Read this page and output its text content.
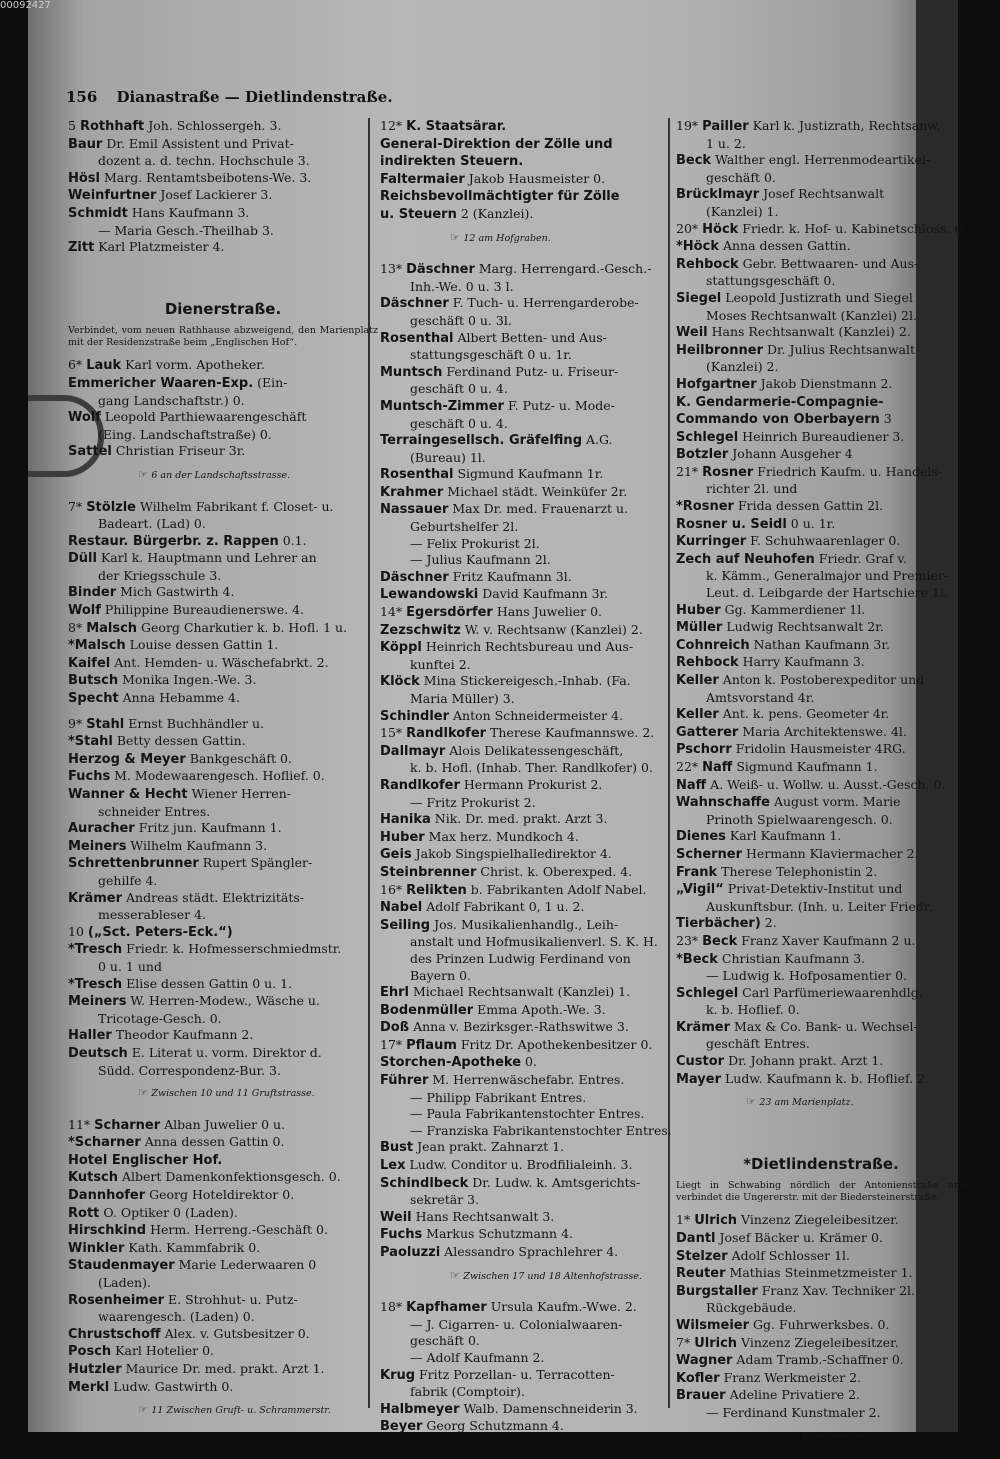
156 Dianastraße — Dietlindenstraße.
5 Rothhaft Joh. Schlossergeh. 3.
Baur Dr. Emil Assistent und Privat-
dozent a. d. techn. Hochschule 3.
Hösl Marg. Rentamtsbeibotens-We. 3.
Weinfurtner Josef Lackierer 3.
Schmidt Hans Kaufmann 3.
— Maria Gesch.-Theilhab 3.
Zitt Karl Platzmeister 4.
Dienerstraße.
Verbindet, vom neuen Rathhause abzweigend, den Marienplatz mit der Residenzstraße beim „Englischen Hof“.
6* Lauk Karl vorm. Apotheker.
Emmericher Waaren-Exp. (Ein-
gang Landschaftstr.) 0.
Wolf Leopold Parthiewaarengeschäft
(Eing. Landschaftstraße) 0.
Sattel Christian Friseur 3r.
☞ 6 an der Landschaftsstrasse.
7* Stölzle Wilhelm Fabrikant f. Closet- u.
Badeart. (Lad) 0.
Restaur. Bürgerbr. z. Rappen 0.1.
Düll Karl k. Hauptmann und Lehrer an
der Kriegsschule 3.
Binder Mich Gastwirth 4.
Wolf Philippine Bureaudienerswe. 4.
8* Malsch Georg Charkutier k. b. Hofl. 1 u.
*Malsch Louise dessen Gattin 1.
Kaifel Ant. Hemden- u. Wäschefabrkt. 2.
Butsch Monika Ingen.-We. 3.
Specht Anna Hebamme 4.
9* Stahl Ernst Buchhändler u.
*Stahl Betty dessen Gattin.
Herzog & Meyer Bankgeschäft 0.
Fuchs M. Modewaarengesch. Hoflief. 0.
Wanner & Hecht Wiener Herren-
schneider Entres.
Auracher Fritz jun. Kaufmann 1.
Meiners Wilhelm Kaufmann 3.
Schrettenbrunner Rupert Spängler-
gehilfe 4.
Krämer Andreas städt. Elektrizitäts-
messerableser 4.
10 („Sct. Peters-Eck.“)
*Tresch Friedr. k. Hofmesserschmiedmstr.
0 u. 1 und
*Tresch Elise dessen Gattin 0 u. 1.
Meiners W. Herren-Modew., Wäsche u.
Tricotage-Gesch. 0.
Haller Theodor Kaufmann 2.
Deutsch E. Literat u. vorm. Direktor d.
Südd. Correspondenz-Bur. 3.
☞ Zwischen 10 und 11 Gruftstrasse.
11* Scharner Alban Juwelier 0 u.
*Scharner Anna dessen Gattin 0.
Hotel Englischer Hof.
Kutsch Albert Damenkonfektionsgesch. 0.
Dannhofer Georg Hoteldirektor 0.
Rott O. Optiker 0 (Laden).
Hirschkind Herm. Herreng.-Geschäft 0.
Winkler Kath. Kammfabrik 0.
Staudenmayer Marie Lederwaaren 0
(Laden).
Rosenheimer E. Strohhut- u. Putz-
waarengesch. (Laden) 0.
Chrustschoff Alex. v. Gutsbesitzer 0.
Posch Karl Hotelier 0.
Hutzler Maurice Dr. med. prakt. Arzt 1.
Merkl Ludw. Gastwirth 0.
☞ 11 Zwischen Gruft- u. Schrammerstr.
12* K. Staatsärar.
General-Direktion der Zölle und
indirekten Steuern.
Faltermaier Jakob Hausmeister 0.
Reichsbevollmächtigter für Zölle
u. Steuern 2 (Kanzlei).
☞ 12 am Hofgraben.
13* Däschner Marg. Herrengard.-Gesch.-
Inh.-We. 0 u. 3 l.
Däschner F. Tuch- u. Herrengarderobe-
geschäft 0 u. 3l.
Rosenthal Albert Betten- und Aus-
stattungsgeschäft 0 u. 1r.
Muntsch Ferdinand Putz- u. Friseur-
geschäft 0 u. 4.
Muntsch-Zimmer F. Putz- u. Mode-
geschäft 0 u. 4.
Terraingesellsch. Gräfelfing A.G.
(Bureau) 1l.
Rosenthal Sigmund Kaufmann 1r.
Krahmer Michael städt. Weinküfer 2r.
Nassauer Max Dr. med. Frauenarzt u.
Geburtshelfer 2l.
— Felix Prokurist 2l.
— Julius Kaufmann 2l.
Däschner Fritz Kaufmann 3l.
Lewandowski David Kaufmann 3r.
14* Egersdörfer Hans Juwelier 0.
Zezschwitz W. v. Rechtsanw (Kanzlei) 2.
Köppl Heinrich Rechtsbureau und Aus-
kunftei 2.
Klöck Mina Stickereigesch.-Inhab. (Fa.
Maria Müller) 3.
Schindler Anton Schneidermeister 4.
15* Randlkofer Therese Kaufmannswe. 2.
Dallmayr Alois Delikatessengeschäft,
k. b. Hofl. (Inhab. Ther. Randlkofer) 0.
Randlkofer Hermann Prokurist 2.
— Fritz Prokurist 2.
Hanika Nik. Dr. med. prakt. Arzt 3.
Huber Max herz. Mundkoch 4.
Geis Jakob Singspielhalledirektor 4.
Steinbrenner Christ. k. Oberexped. 4.
16* Relikten b. Fabrikanten Adolf Nabel.
Nabel Adolf Fabrikant 0, 1 u. 2.
Seiling Jos. Musikalienhandlg., Leih-
anstalt und Hofmusikalienverl. S. K. H.
des Prinzen Ludwig Ferdinand von
Bayern 0.
Ehrl Michael Rechtsanwalt (Kanzlei) 1.
Bodenmüller Emma Apoth.-We. 3.
Doß Anna v. Bezirksger.-Rathswitwe 3.
17* Pflaum Fritz Dr. Apothekenbesitzer 0.
Storchen-Apotheke 0.
Führer M. Herrenwäschefabr. Entres.
— Philipp Fabrikant Entres.
— Paula Fabrikantenstochter Entres.
— Franziska Fabrikantenstochter Entres.
Bust Jean prakt. Zahnarzt 1.
Lex Ludw. Conditor u. Brodfilialeinh. 3.
Schindlbeck Dr. Ludw. k. Amtsgerichts-
sekretär 3.
Weil Hans Rechtsanwalt 3.
Fuchs Markus Schutzmann 4.
Paoluzzi Alessandro Sprachlehrer 4.
☞ Zwischen 17 und 18 Altenhofstrasse.
18* Kapfhamer Ursula Kaufm.-Wwe. 2.
— J. Cigarren- u. Colonialwaaren-
geschäft 0.
— Adolf Kaufmann 2.
Krug Fritz Porzellan- u. Terracotten-
fabrik (Comptoir).
Halbmeyer Walb. Damenschneiderin 3.
Beyer Georg Schutzmann 4.
19* Pailler Karl k. Justizrath, Rechtsanw.
1 u. 2.
Beck Walther engl. Herrenmodeartikel-
geschäft 0.
Brücklmayr Josef Rechtsanwalt
(Kanzlei) 1.
20* Höck Friedr. k. Hof- u. Kabinetschloss. u.
*Höck Anna dessen Gattin.
Rehbock Gebr. Bettwaaren- und Aus-
stattungsgeschäft 0.
Siegel Leopold Justizrath und Siegel
Moses Rechtsanwalt (Kanzlei) 2l.
Weil Hans Rechtsanwalt (Kanzlei) 2.
Heilbronner Dr. Julius Rechtsanwalt
(Kanzlei) 2.
Hofgartner Jakob Dienstmann 2.
K. Gendarmerie-Compagnie-
Commando von Oberbayern 3
Schlegel Heinrich Bureaudiener 3.
Botzler Johann Ausgeher 4
21* Rosner Friedrich Kaufm. u. Handels-
richter 2l. und
*Rosner Frida dessen Gattin 2l.
Rosner u. Seidl 0 u. 1r.
Kurringer F. Schuhwaarenlager 0.
Zech auf Neuhofen Friedr. Graf v.
k. Kämm., Generalmajor und Premier-
Leut. d. Leibgarde der Hartschiere 1l.
Huber Gg. Kammerdiener 1l.
Müller Ludwig Rechtsanwalt 2r.
Cohnreich Nathan Kaufmann 3r.
Rehbock Harry Kaufmann 3.
Keller Anton k. Postoberexpeditor und
Amtsvorstand 4r.
Keller Ant. k. pens. Geometer 4r.
Gatterer Maria Architektenswe. 4l.
Pschorr Fridolin Hausmeister 4RG.
22* Naff Sigmund Kaufmann 1.
Naff A. Weiß- u. Wollw. u. Ausst.-Gesch. 0.
Wahnschaffe August vorm. Marie
Prinoth Spielwaarengesch. 0.
Dienes Karl Kaufmann 1.
Scherner Hermann Klaviermacher 2.
Frank Therese Telephonistin 2.
„Vigil“ Privat-Detektiv-Institut und
Auskunftsbur. (Inh. u. Leiter Friedr.
Tierbächer) 2.
23* Beck Franz Xaver Kaufmann 2 u.
*Beck Christian Kaufmann 3.
— Ludwig k. Hofposamentier 0.
Schlegel Carl Parfümeriewaarenhdlg.
k. b. Hoflief. 0.
Krämer Max & Co. Bank- u. Wechsel-
geschäft Entres.
Custor Dr. Johann prakt. Arzt 1.
Mayer Ludw. Kaufmann k. b. Hoflief. 2.
☞ 23 am Marienplatz.
*Dietlindenstraße.
Liegt in Schwabing nördlich der Antonienstraße und verbindet die Ungererstr. mit der Biedersteinerstraße.
1* Ulrich Vinzenz Ziegeleibesitzer.
Dantl Josef Bäcker u. Krämer 0.
Stelzer Adolf Schlosser 1l.
Reuter Mathias Steinmetzmeister 1.
Burgstaller Franz Xav. Techniker 2l.
Rückgebäude.
Wilsmeier Gg. Fuhrwerksbes. 0.
7* Ulrich Vinzenz Ziegeleibesitzer.
Wagner Adam Tramb.-Schaffner 0.
Kofler Franz Werkmeister 2.
Brauer Adeline Privatiere 2.
— Ferdinand Kunstmaler 2.
☞ 7 an der Kunigundenstrasse.
00092427
